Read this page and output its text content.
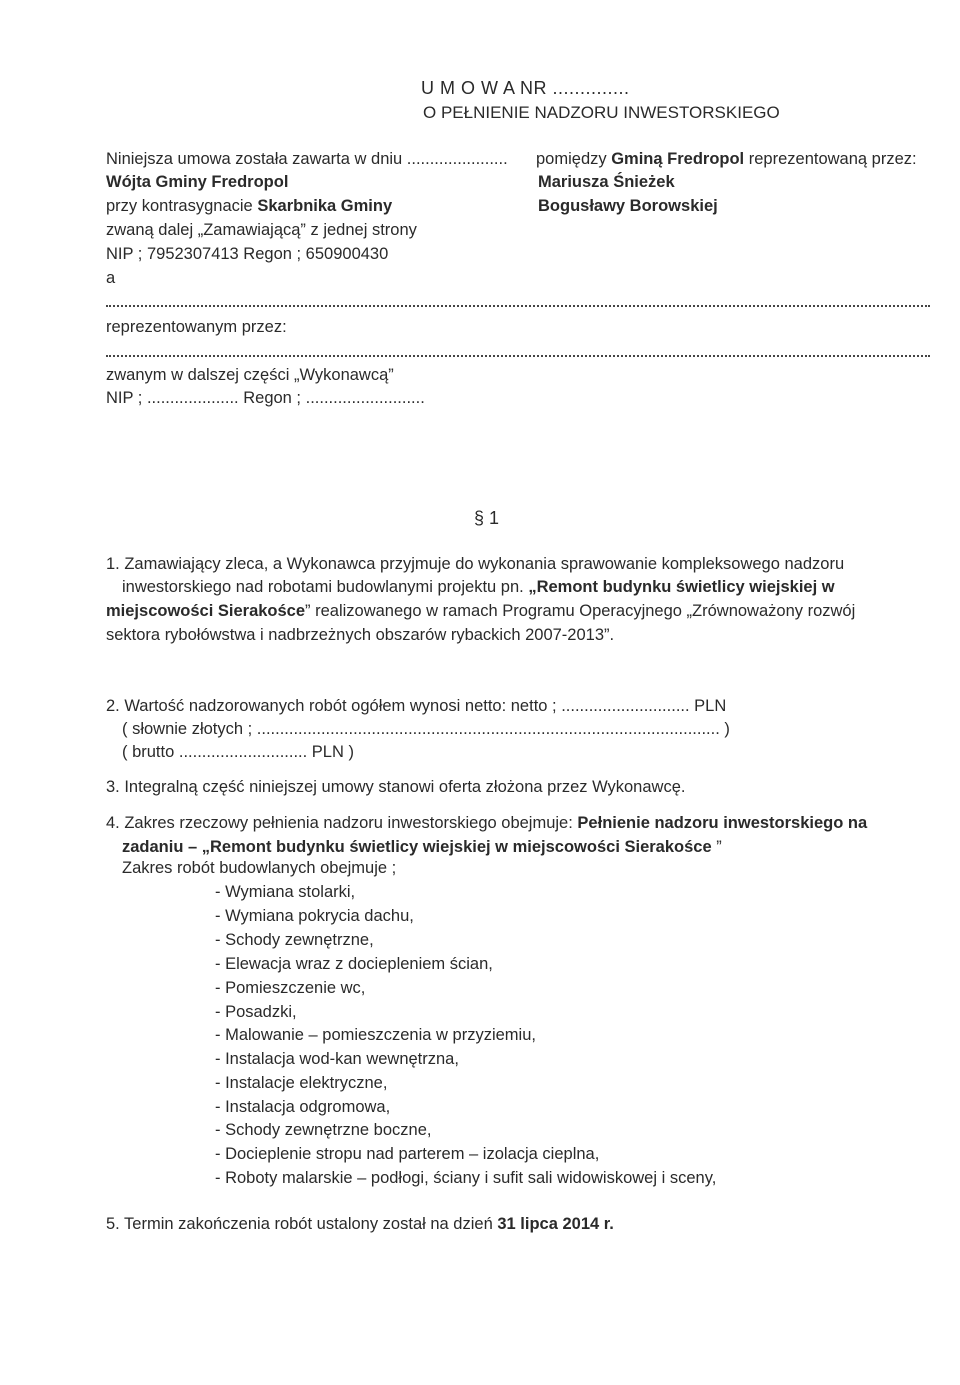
U M O W A NR ..............
O PEŁNIENIE NADZORU INWESTORSKIEGO
Niniejsza umowa została zawarta w dniu ...................... pomiędzy Gminą Fredropol reprezentowaną przez:
Wójta Gminy Fredropol	Mariusza Śnieżek
przy kontrasygnacie Skarbnika Gminy	Bogusławy Borowskiej
zwaną dalej „Zamawiającą” z jednej strony
NIP ; 7952307413 Regon ; 650900430
a
reprezentowanym przez:
zwanym w dalszej części „Wykonawcą”
NIP ; .................... Regon ; ..........................
§ 1
1. Zamawiający zleca, a Wykonawca przyjmuje do wykonania sprawowanie kompleksowego nadzoru
inwestorskiego nad robotami budowlanymi projektu pn. „Remont budynku świetlicy wiejskiej w
miejscowości Sierakośce” realizowanego w ramach Programu Operacyjnego „Zrównoważony rozwój
sektora rybołówstwa i nadbrzeżnych obszarów rybackich 2007-2013”.
2. Wartość nadzorowanych robót ogółem wynosi netto: netto ; ............................ PLN
( słownie złotych ; ..................................................................................................... )
( brutto ............................ PLN )
3. Integralną część niniejszej umowy stanowi oferta złożona przez Wykonawcę.
4. Zakres rzeczowy pełnienia nadzoru inwestorskiego obejmuje: Pełnienie nadzoru inwestorskiego na
zadaniu – „Remont budynku świetlicy wiejskiej w miejscowości Sierakośce ”
Zakres robót budowlanych obejmuje ;
- Wymiana stolarki,
- Wymiana pokrycia dachu,
- Schody zewnętrzne,
- Elewacja wraz z dociepleniem ścian,
- Pomieszczenie wc,
- Posadzki,
- Malowanie – pomieszczenia w przyziemiu,
- Instalacja wod-kan wewnętrzna,
- Instalacje elektryczne,
- Instalacja odgromowa,
- Schody zewnętrzne boczne,
- Docieplenie stropu nad parterem – izolacja cieplna,
- Roboty malarskie – podłogi, ściany i sufit sali widowiskowej i sceny,
5. Termin zakończenia robót ustalony został na dzień 31 lipca 2014 r.
